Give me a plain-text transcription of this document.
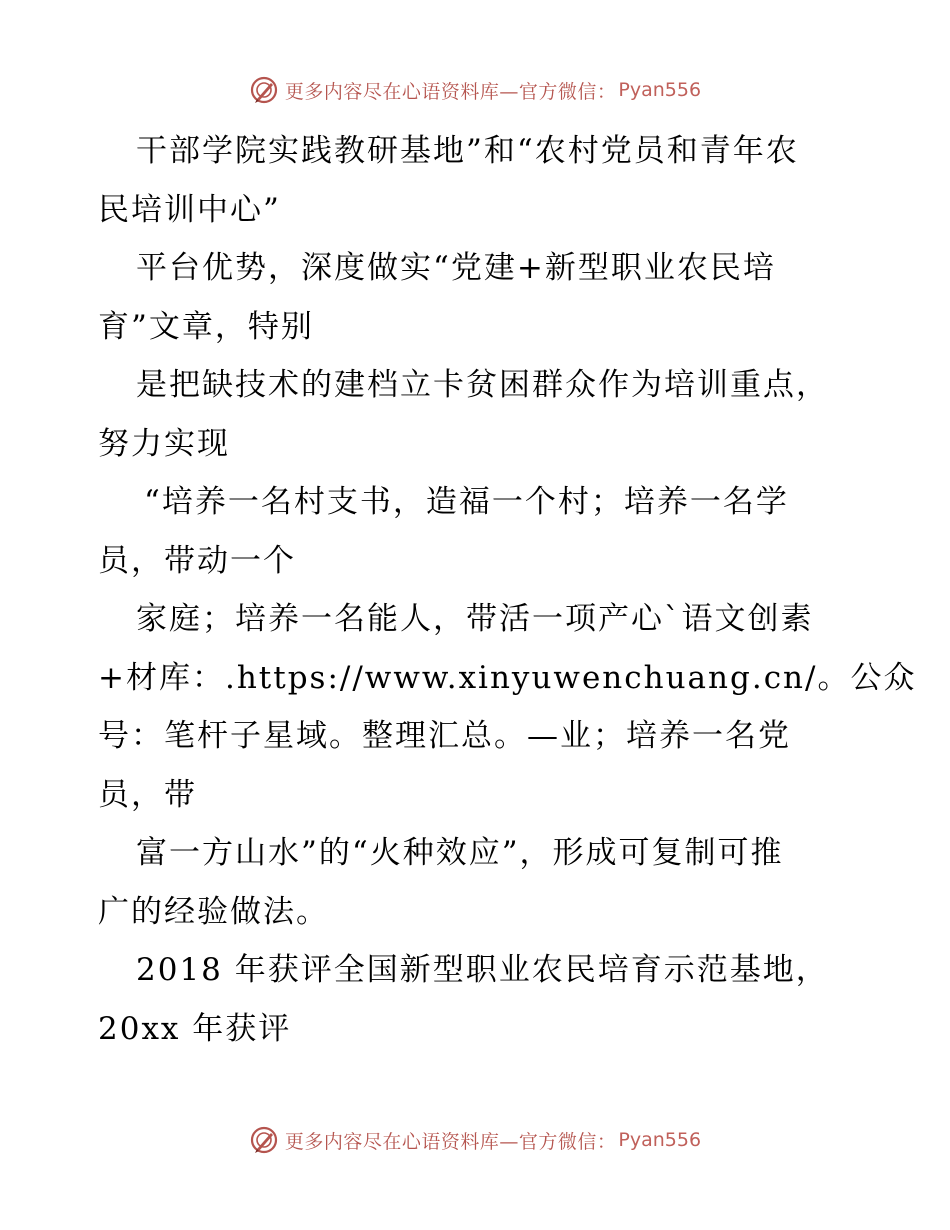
更多内容尽在心语资料库—官方微信： Pyan556
干部学院实践教研基地”和“农村党员和青年农
民培训中心”
平台优势，深度做实“党建+新型职业农民培
育”文章，特别
是把缺技术的建档立卡贫困群众作为培训重点，
努力实现
“培养一名村支书，造福一个村；培养一名学
员，带动一个
家庭；培养一名能人，带活一项产心`语文创素
+材库：.https://www.xinyuwenchuang.cn/。公众
号：笔杆子星域。整理汇总。—业；培养一名党
员，带
富一方山水”的“火种效应”，形成可复制可推
广的经验做法。
2018 年获评全国新型职业农民培育示范基地，
20xx 年获评
更多内容尽在心语资料库—官方微信： Pyan556
